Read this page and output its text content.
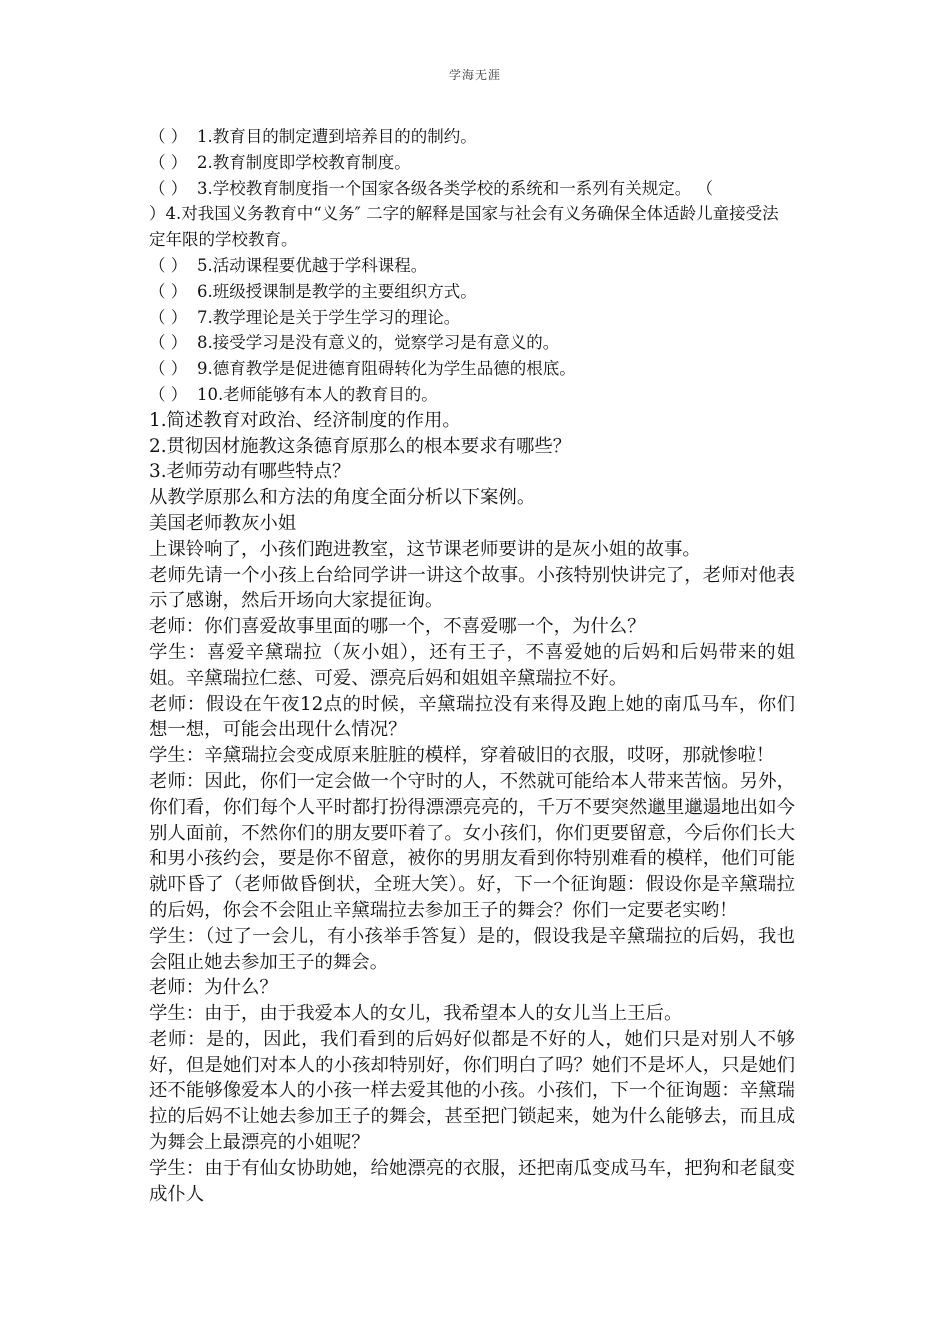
学海无涯

（ ） 1.教育目的制定遭到培养目的的制约。

（ ） 2.教育制度即学校教育制度。

（ ） 3.学校教育制度指一个国家各级各类学校的系统和一系列有关规定。 （

）4.对我国义务教育中“义务″ 二字的解释是国家与社会有义务确保全体适龄儿童接受法定年限的学校教育。

（ ） 5.活动课程要优越于学科课程。

（ ） 6.班级授课制是教学的主要组织方式。

（ ） 7.教学理论是关于学生学习的理论。

（ ） 8.接受学习是没有意义的，觉察学习是有意义的。

（ ） 9.德育教学是促进德育阻碍转化为学生品德的根底。

（ ） 10.老师能够有本人的教育目的。

1.简述教育对政治、经济制度的作用。

2.贯彻因材施教这条德育原那么的根本要求有哪些？

3.老师劳动有哪些特点？

从教学原那么和方法的角度全面分析以下案例。

美国老师教灰小姐

上课铃响了，小孩们跑进教室，这节课老师要讲的是灰小姐的故事。

老师先请一个小孩上台给同学讲一讲这个故事。小孩特别快讲完了，老师对他表示了感谢，然后开场向大家提征询。

老师：你们喜爱故事里面的哪一个，不喜爱哪一个，为什么？

学生：喜爱辛黛瑞拉（灰小姐），还有王子，不喜爱她的后妈和后妈带来的姐姐。辛黛瑞拉仁慈、可爱、漂亮后妈和姐姐辛黛瑞拉不好。

老师：假设在午夜12点的时候，辛黛瑞拉没有来得及跑上她的南瓜马车，你们想一想，可能会出现什么情况？

学生：辛黛瑞拉会变成原来脏脏的模样，穿着破旧的衣服，哎呀，那就惨啦！

老师：因此，你们一定会做一个守时的人，不然就可能给本人带来苦恼。另外，你们看，你们每个人平时都打扮得漂漂亮亮的，千万不要突然邋里邋遢地出如今别人面前，不然你们的朋友要吓着了。女小孩们，你们更要留意，今后你们长大和男小孩约会，要是你不留意，被你的男朋友看到你特别难看的模样，他们可能就吓昏了（老师做昏倒状，全班大笑）。好，下一个征询题：假设你是辛黛瑞拉的后妈，你会不会阻止辛黛瑞拉去参加王子的舞会？你们一定要老实哟！

学生：（过了一会儿，有小孩举手答复）是的，假设我是辛黛瑞拉的后妈，我也会阻止她去参加王子的舞会。

老师：为什么？

学生：由于，由于我爱本人的女儿，我希望本人的女儿当上王后。

老师：是的，因此，我们看到的后妈好似都是不好的人，她们只是对别人不够好，但是她们对本人的小孩却特别好，你们明白了吗？她们不是坏人，只是她们还不能够像爱本人的小孩一样去爱其他的小孩。小孩们，下一个征询题：辛黛瑞拉的后妈不让她去参加王子的舞会，甚至把门锁起来，她为什么能够去，而且成为舞会上最漂亮的小姐呢？

学生：由于有仙女协助她，给她漂亮的衣服，还把南瓜变成马车，把狗和老鼠变成仆人
